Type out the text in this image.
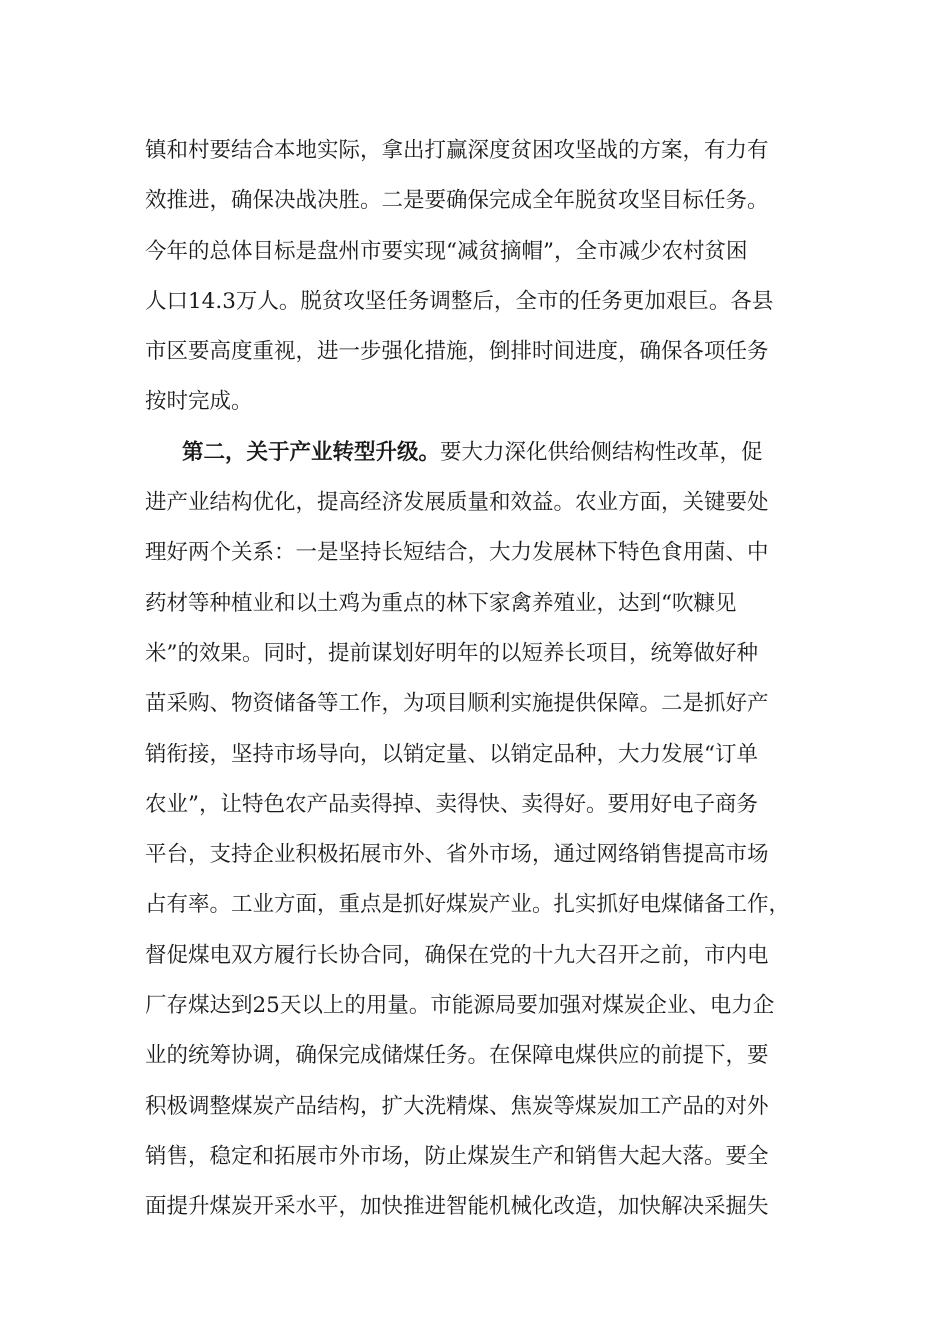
镇和村要结合本地实际，拿出打赢深度贫困攻坚战的方案，有力有
效推进，确保决战决胜。二是要确保完成全年脱贫攻坚目标任务。
今年的总体目标是盘州市要实现“减贫摘帽”，全市减少农村贫困
人口14.3万人。脱贫攻坚任务调整后，全市的任务更加艰巨。各县
市区要高度重视，进一步强化措施，倒排时间进度，确保各项任务
按时完成。
第二，关于产业转型升级。要大力深化供给侧结构性改革，促
进产业结构优化，提高经济发展质量和效益。农业方面，关键要处
理好两个关系：一是坚持长短结合，大力发展林下特色食用菌、中
药材等种植业和以土鸡为重点的林下家禽养殖业，达到“吹糠见
米”的效果。同时，提前谋划好明年的以短养长项目，统筹做好种
苗采购、物资储备等工作，为项目顺利实施提供保障。二是抓好产
销衔接，坚持市场导向，以销定量、以销定品种，大力发展“订单
农业”，让特色农产品卖得掉、卖得快、卖得好。要用好电子商务
平台，支持企业积极拓展市外、省外市场，通过网络销售提高市场
占有率。工业方面，重点是抓好煤炭产业。扎实抓好电煤储备工作，
督促煤电双方履行长协合同，确保在党的十九大召开之前，市内电
厂存煤达到25天以上的用量。市能源局要加强对煤炭企业、电力企
业的统筹协调，确保完成储煤任务。在保障电煤供应的前提下，要
积极调整煤炭产品结构，扩大洗精煤、焦炭等煤炭加工产品的对外
销售，稳定和拓展市外市场，防止煤炭生产和销售大起大落。要全
面提升煤炭开采水平，加快推进智能机械化改造，加快解决采掘失
